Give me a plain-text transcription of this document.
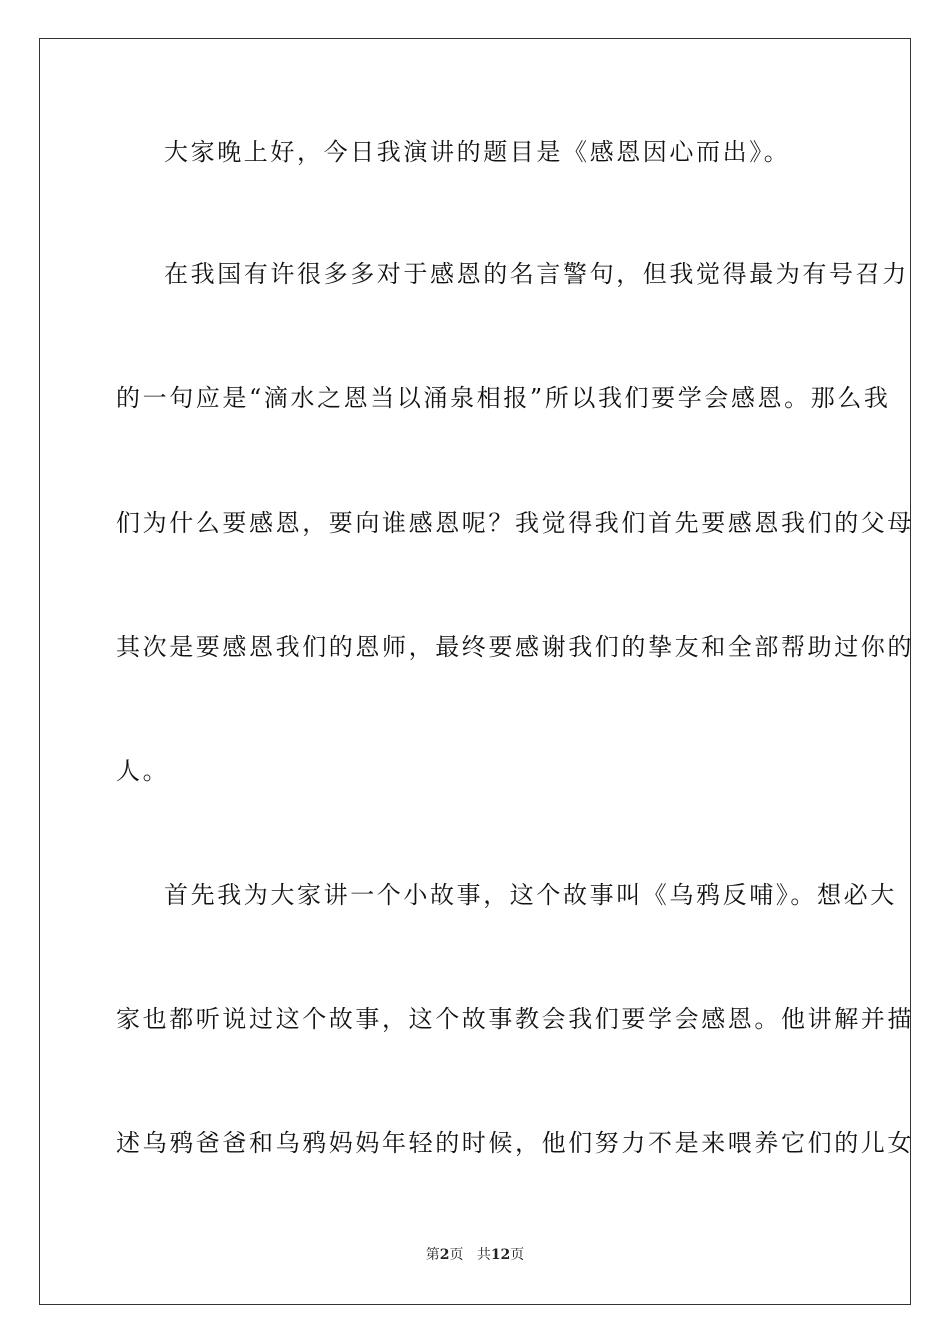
大家晚上好，今日我演讲的题目是《感恩因心而出》。
在我国有许很多多对于感恩的名言警句，但我觉得最为有号召力
的一句应是“滴水之恩当以涌泉相报”所以我们要学会感恩。那么我
们为什么要感恩，要向谁感恩呢？我觉得我们首先要感恩我们的父母
其次是要感恩我们的恩师，最终要感谢我们的挚友和全部帮助过你的
人。
首先我为大家讲一个小故事，这个故事叫《乌鸦反哺》。想必大
家也都听说过这个故事，这个故事教会我们要学会感恩。他讲解并描
述乌鸦爸爸和乌鸦妈妈年轻的时候，他们努力不是来喂养它们的儿女
第2页 共12页
